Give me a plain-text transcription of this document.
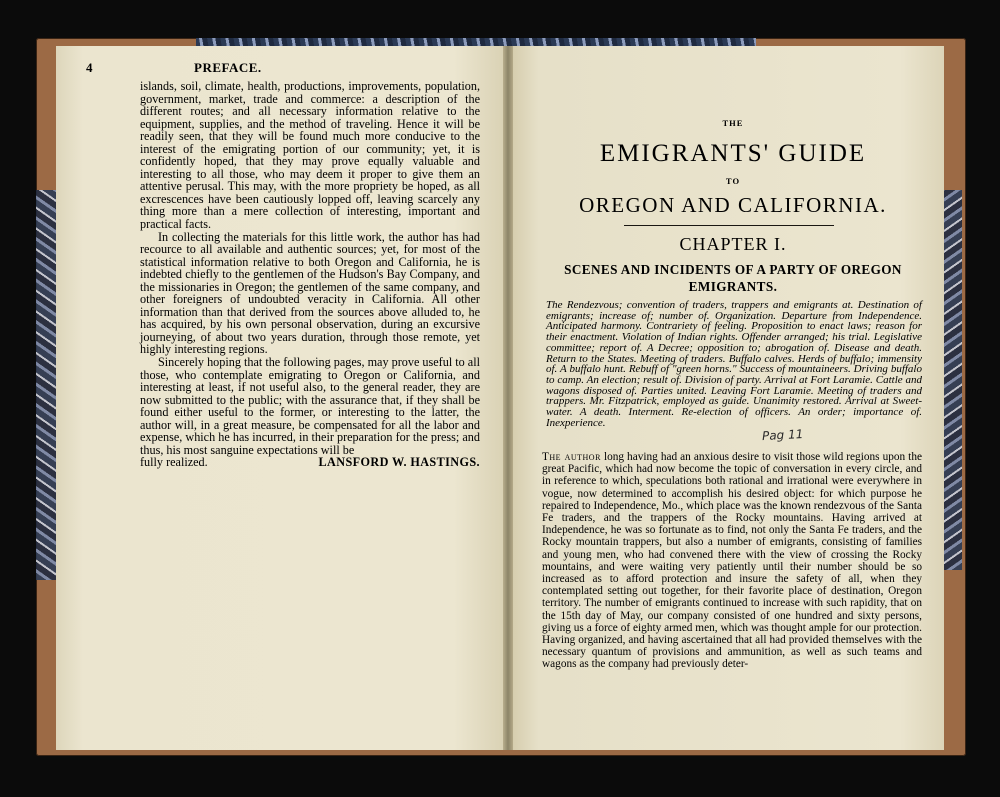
4	PREFACE.

islands, soil, climate, health, productions, improvements, population, government, market, trade and commerce: a description of the different routes; and all necessary information relative to the equipment, supplies, and the method of traveling. Hence it will be readily seen, that they will be found much more conducive to the interest of the emigrating portion of our community; yet, it is confidently hoped, that they may prove equally valuable and interesting to all those, who may deem it proper to give them an attentive perusal. This may, with the more propriety be hoped, as all excrescences have been cautiously lopped off, leaving scarcely any thing more than a mere collection of interesting, important and practical facts.

In collecting the materials for this little work, the author has had recource to all available and authentic sources; yet, for most of the statistical information relative to both Oregon and California, he is indebted chiefly to the gentlemen of the Hudson's Bay Company, and the missionaries in Oregon; the gentlemen of the same company, and other foreigners of undoubted veracity in California. All other information than that derived from the sources above alluded to, he has acquired, by his own personal observation, during an excursive journeying, of about two years duration, through those remote, yet highly interesting regions.

Sincerely hoping that the following pages, may prove useful to all those, who contemplate emigrating to Oregon or California, and interesting at least, if not useful also, to the general reader, they are now submitted to the public; with the assurance that, if they shall be found either useful to the former, or interesting to the latter, the author will, in a great measure, be compensated for all the labor and expense, which he has incurred, in their preparation for the press; and thus, his most sanguine expectations will be

fully realized.	LANSFORD W. HASTINGS.
THE
EMIGRANTS' GUIDE
TO
OREGON AND CALIFORNIA.
CHAPTER I.
SCENES AND INCIDENTS OF A PARTY OF OREGON EMIGRANTS.

The Rendezvous; convention of traders, trappers and emigrants at. Destination of emigrants; increase of; number of. Organization. Departure from Independence. Anticipated harmony. Contrariety of feeling. Proposition to enact laws; reason for their enactment. Violation of Indian rights. Offender arranged; his trial. Legislative committee; report of. A Decree; opposition to; abrogation of. Disease and death. Return to the States. Meeting of traders. Buffalo calves. Herds of buffalo; immensity of. A buffalo hunt. Rebuff of "green horns." Success of mountaineers. Driving buffalo to camp. An election; result of. Division of party. Arrival at Fort Laramie. Cattle and wagons disposed of. Parties united. Leaving Fort Laramie. Meeting of traders and trappers. Mr. Fitzpatrick, employed as guide. Unanimity restored. Arrival at Sweet-water. A death. Interment. Re-election of officers. An order; importance of. Inexperience.

Pag 11

The author long having had an anxious desire to visit those wild regions upon the great Pacific, which had now become the topic of conversation in every circle, and in reference to which, speculations both rational and irrational were everywhere in vogue, now determined to accomplish his desired object: for which purpose he repaired to Independence, Mo., which place was the known rendezvous of the Santa Fe traders, and the trappers of the Rocky mountains. Having arrived at Independence, he was so fortunate as to find, not only the Santa Fe traders, and the Rocky mountain trappers, but also a number of emigrants, consisting of families and young men, who had convened there with the view of crossing the Rocky mountains, and were waiting very patiently until their number should be so increased as to afford protection and insure the safety of all, when they contemplated setting out together, for their favorite place of destination, Oregon territory. The number of emigrants continued to increase with such rapidity, that on the 15th day of May, our company consisted of one hundred and sixty persons, giving us a force of eighty armed men, which was thought ample for our protection. Having organized, and having ascertained that all had provided themselves with the necessary quantum of provisions and ammunition, as well as such teams and wagons as the company had previously deter-
